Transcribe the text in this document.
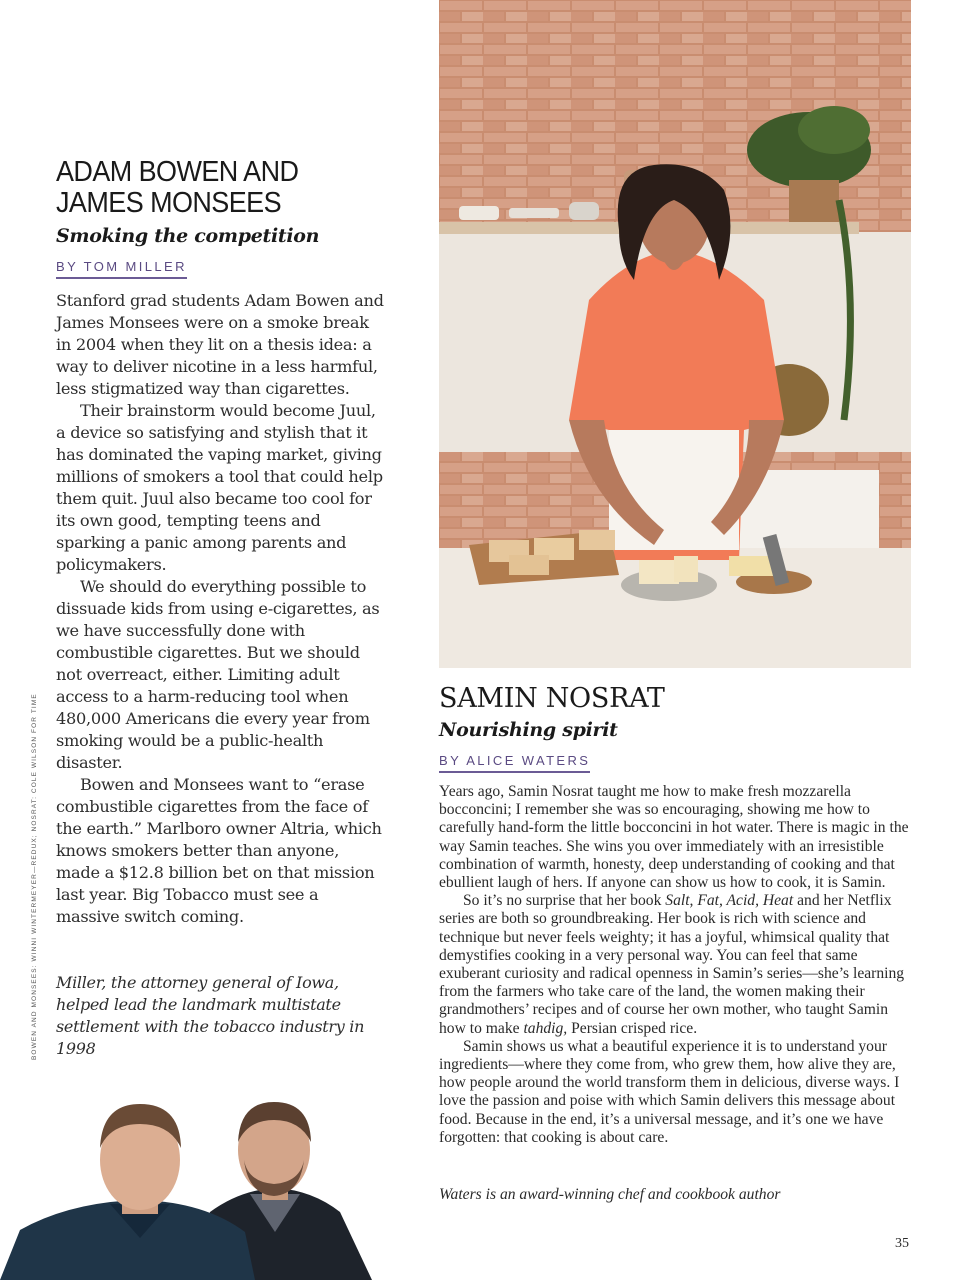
ADAM BOWEN AND
JAMES MONSEES
Smoking the competition
BY TOM MILLER

Stanford grad students Adam Bowen and James Monsees were on a smoke break in 2004 when they lit on a thesis idea: a way to deliver nicotine in a less harmful, less stigmatized way than cigarettes.

Their brainstorm would become Juul, a device so satisfying and stylish that it has dominated the vaping market, giving millions of smokers a tool that could help them quit. Juul also became too cool for its own good, tempting teens and sparking a panic among parents and policymakers.

We should do everything possible to dissuade kids from using e-cigarettes, as we have successfully done with combustible cigarettes. But we should not overreact, either. Limiting adult access to a harm-reducing tool when 480,000 Americans die every year from smoking would be a public-health disaster.

Bowen and Monsees want to “erase combustible cigarettes from the face of the earth.” Marlboro owner Altria, which knows smokers better than anyone, made a $12.8 billion bet on that mission last year. Big Tobacco must see a massive switch coming.

Miller, the attorney general of Iowa, helped lead the landmark multistate settlement with the tobacco industry in 1998
BOWEN AND MONSEES: WINNI WINTERMEYER—REDUX; NOSRAT: COLE WILSON FOR TIME	SAMIN NOSRAT
Nourishing spirit
BY ALICE WATERS

Years ago, Samin Nosrat taught me how to make fresh mozzarella bocconcini; I remember she was so encouraging, showing me how to carefully hand-form the little bocconcini in hot water. There is magic in the way Samin teaches. She wins you over immediately with an irresistible combination of warmth, honesty, deep understanding of cooking and that ebullient laugh of hers. If anyone can show us how to cook, it is Samin.

So it’s no surprise that her book Salt, Fat, Acid, Heat and her Netflix series are both so groundbreaking. Her book is rich with science and technique but never feels weighty; it has a joyful, whimsical quality that demystifies cooking in a very personal way. You can feel that same exuberant curiosity and radical openness in Samin’s series—she’s learning from the farmers who take care of the land, the women making their grandmothers’ recipes and of course her own mother, who taught Samin how to make tahdig, Persian crisped rice.

Samin shows us what a beautiful experience it is to understand your ingredients—where they come from, who grew them, how alive they are, how people around the world transform them in delicious, diverse ways. I love the passion and poise with which Samin delivers this message about food. Because in the end, it’s a universal message, and it’s one we have forgotten: that cooking is about care.

Waters is an award-winning chef and cookbook author
35
